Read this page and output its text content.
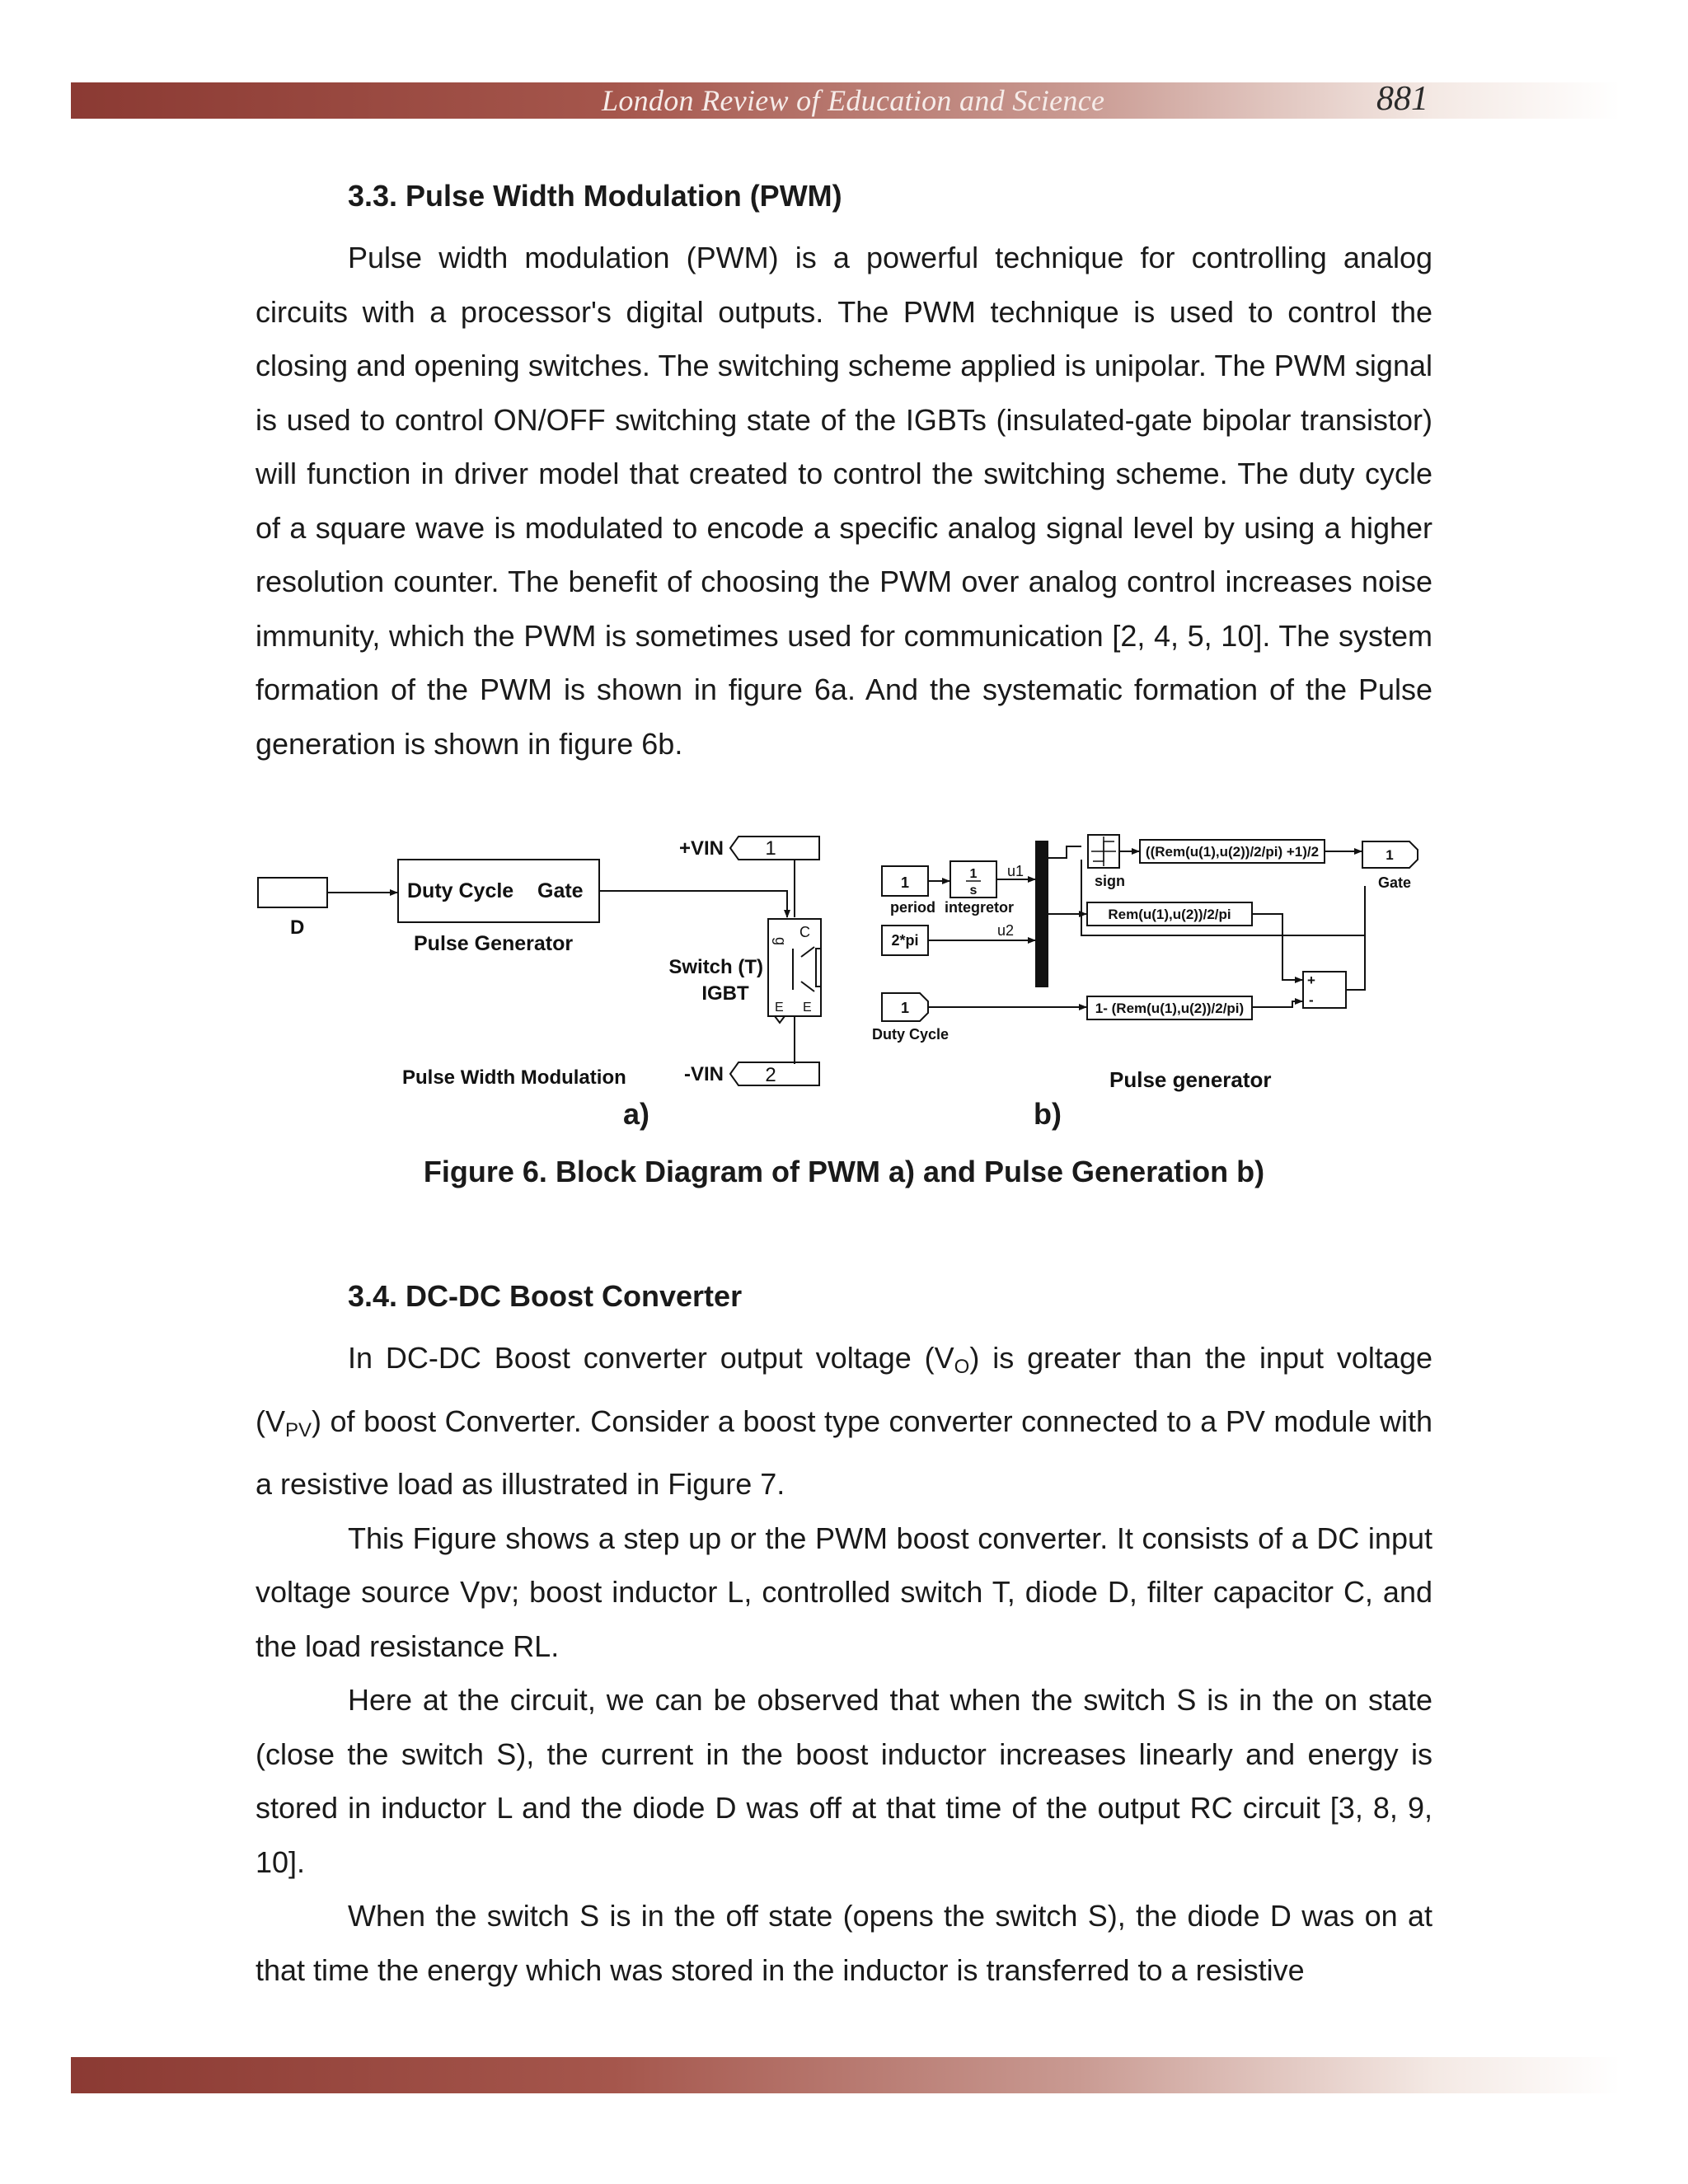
London Review of Education and Science	881
3.3. Pulse Width Modulation (PWM)

Pulse width modulation (PWM) is a powerful technique for controlling analog circuits with a processor's digital outputs. The PWM technique is used to control the closing and opening switches. The switching scheme applied is unipolar. The PWM signal is used to control ON/OFF switching state of the IGBTs (insulated-gate bipolar transistor) will function in driver model that created to control the switching scheme. The duty cycle of a square wave is modulated to encode a specific analog signal level by using a higher resolution counter. The benefit of choosing the PWM over analog control increases noise immunity, which the PWM is sometimes used for communication [2, 4, 5, 10]. The system formation of the PWM is shown in figure 6a. And the systematic formation of the Pulse generation is shown in figure 6b.

D
Duty Cycle Gate
Pulse Generator
+VIN 1
g
C
E E
Switch (T)
IGBT
-VIN 2
Pulse Width Modulation
1
period
1
s
integretor
u1
2*pi
u2
1
Duty Cycle
sign
((Rem(u(1),u(2))/2/pi) +1)/2	1
Gate
Rem(u(1),u(2))/2/pi
1- (Rem(u(1),u(2))/2/pi)
+
-
Pulse generator
a)	b)
Figure 6. Block Diagram of PWM a) and Pulse Generation b)
3.4. DC-DC Boost Converter

In DC-DC Boost converter output voltage $(V_O)$ is greater than the input voltage $(V_{PV})$ of boost Converter. Consider a boost type converter connected to a PV module with a resistive load as illustrated in Figure 7.

This Figure shows a step up or the PWM boost converter. It consists of a DC input voltage source Vpv; boost inductor L, controlled switch T, diode D, filter capacitor C, and the load resistance RL.

Here at the circuit, we can be observed that when the switch S is in the on state (close the switch S), the current in the boost inductor increases linearly and energy is stored in inductor L and the diode D was off at that time of the output RC circuit [3, 8, 9, 10].

When the switch S is in the off state (opens the switch S), the diode D was on at that time the energy which was stored in the inductor is transferred to a resistive
